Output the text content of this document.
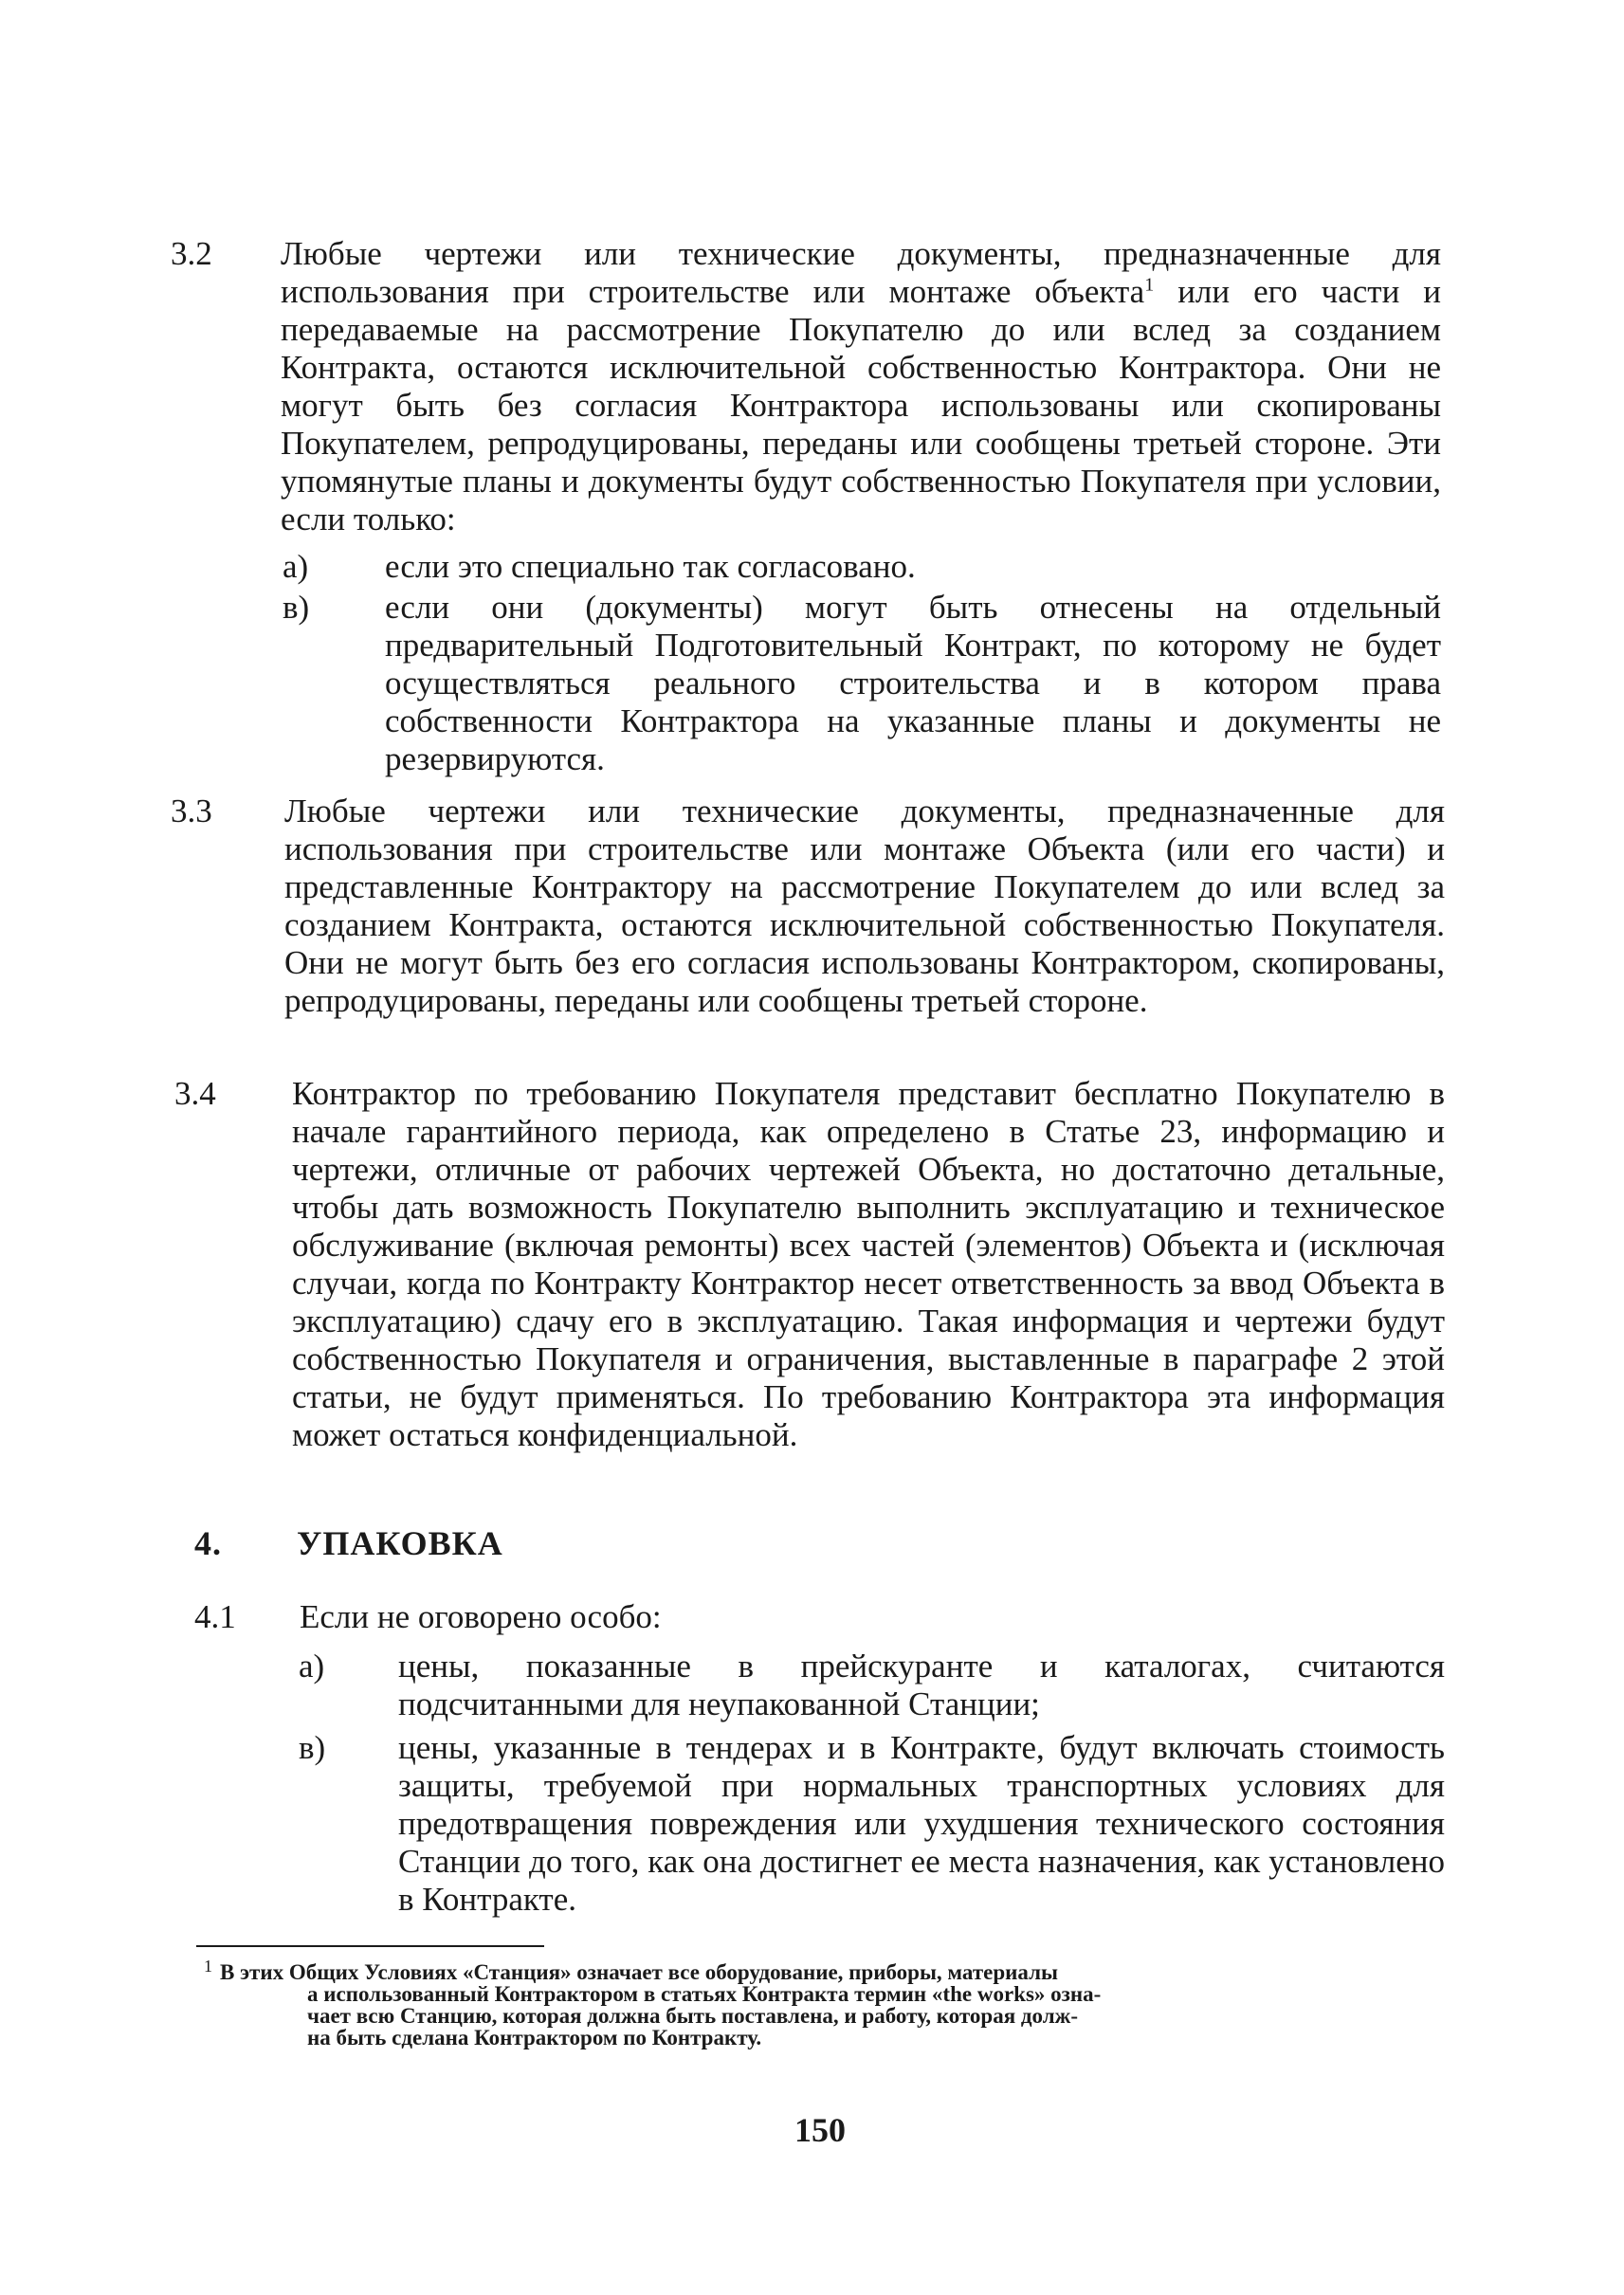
3.2 Любые чертежи или технические документы, предназначенные для использования при строительстве или монтаже объекта$^1$ или его части и передаваемые на рассмотрение Покупателю до или вслед за созданием Контракта, остаются исключительной собственностью Контрактора. Они не могут быть без согласия Контрактора использованы или скопированы Покупателем, репродуцированы, переданы или сообщены третьей стороне. Эти упомянутые планы и документы будут собственностью Покупателя при условии, если только:
а) если это специально так согласовано.
в) если они (документы) могут быть отнесены на отдельный предварительный Подготовительный Контракт, по которому не будет осуществляться реального строительства и в котором права собственности Контрактора на указанные планы и документы не резервируются.
3.3 Любые чертежи или технические документы, предназначенные для использования при строительстве или монтаже Объекта (или его части) и представленные Контрактору на рассмотрение Покупателем до или вслед за созданием Контракта, остаются исключительной собственностью Покупателя. Они не могут быть без его согласия использованы Контрактором, скопированы, репродуцированы, переданы или сообщены третьей стороне.
3.4 Контрактор по требованию Покупателя представит бесплатно Покупателю в начале гарантийного периода, как определено в Статье 23, информацию и чертежи, отличные от рабочих чертежей Объекта, но достаточно детальные, чтобы дать возможность Покупателю выполнить эксплуатацию и техническое обслуживание (включая ремонты) всех частей (элементов) Объекта и (исключая случаи, когда по Контракту Контрактор несет ответственность за ввод Объекта в эксплуатацию) сдачу его в эксплуатацию. Такая информация и чертежи будут собственностью Покупателя и ограничения, выставленные в параграфе 2 этой статьи, не будут применяться. По требованию Контрактора эта информация может остаться конфиденциальной.
4. УПАКОВКА
4.1 Если не оговорено особо:
а) цены, показанные в прейскуранте и каталогах, считаются подсчитанными для неупакованной Станции;
в) цены, указанные в тендерах и в Контракте, будут включать стоимость защиты, требуемой при нормальных транспортных условиях для предотвращения повреждения или ухудшения технического состояния Станции до того, как она достигнет ее места назначения, как установлено в Контракте.
1 В этих Общих Условиях «Станция» означает все оборудование, приборы, материалы
а использованный Контрактором в статьях Контракта термин «the works» озна-
чает всю Станцию, которая должна быть поставлена, и работу, которая долж-
на быть сделана Контрактором по Контракту.
150
